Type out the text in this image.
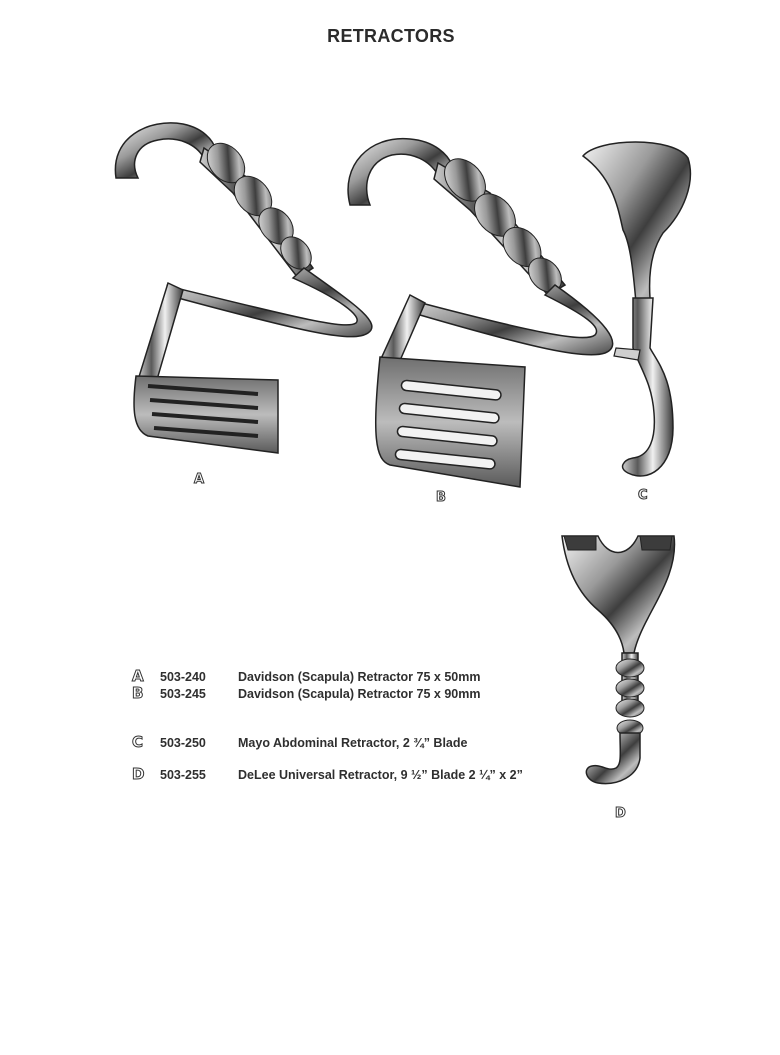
RETRACTORS
A
B	C
D
A	503-240	Davidson (Scapula) Retractor 75 x 50mm
B	503-245	Davidson (Scapula) Retractor 75 x 90mm
C	503-250	Mayo Abdominal Retractor, 2 ¾” Blade
D	503-255	DeLee Universal Retractor, 9 ½” Blade 2 ¼” x 2”
